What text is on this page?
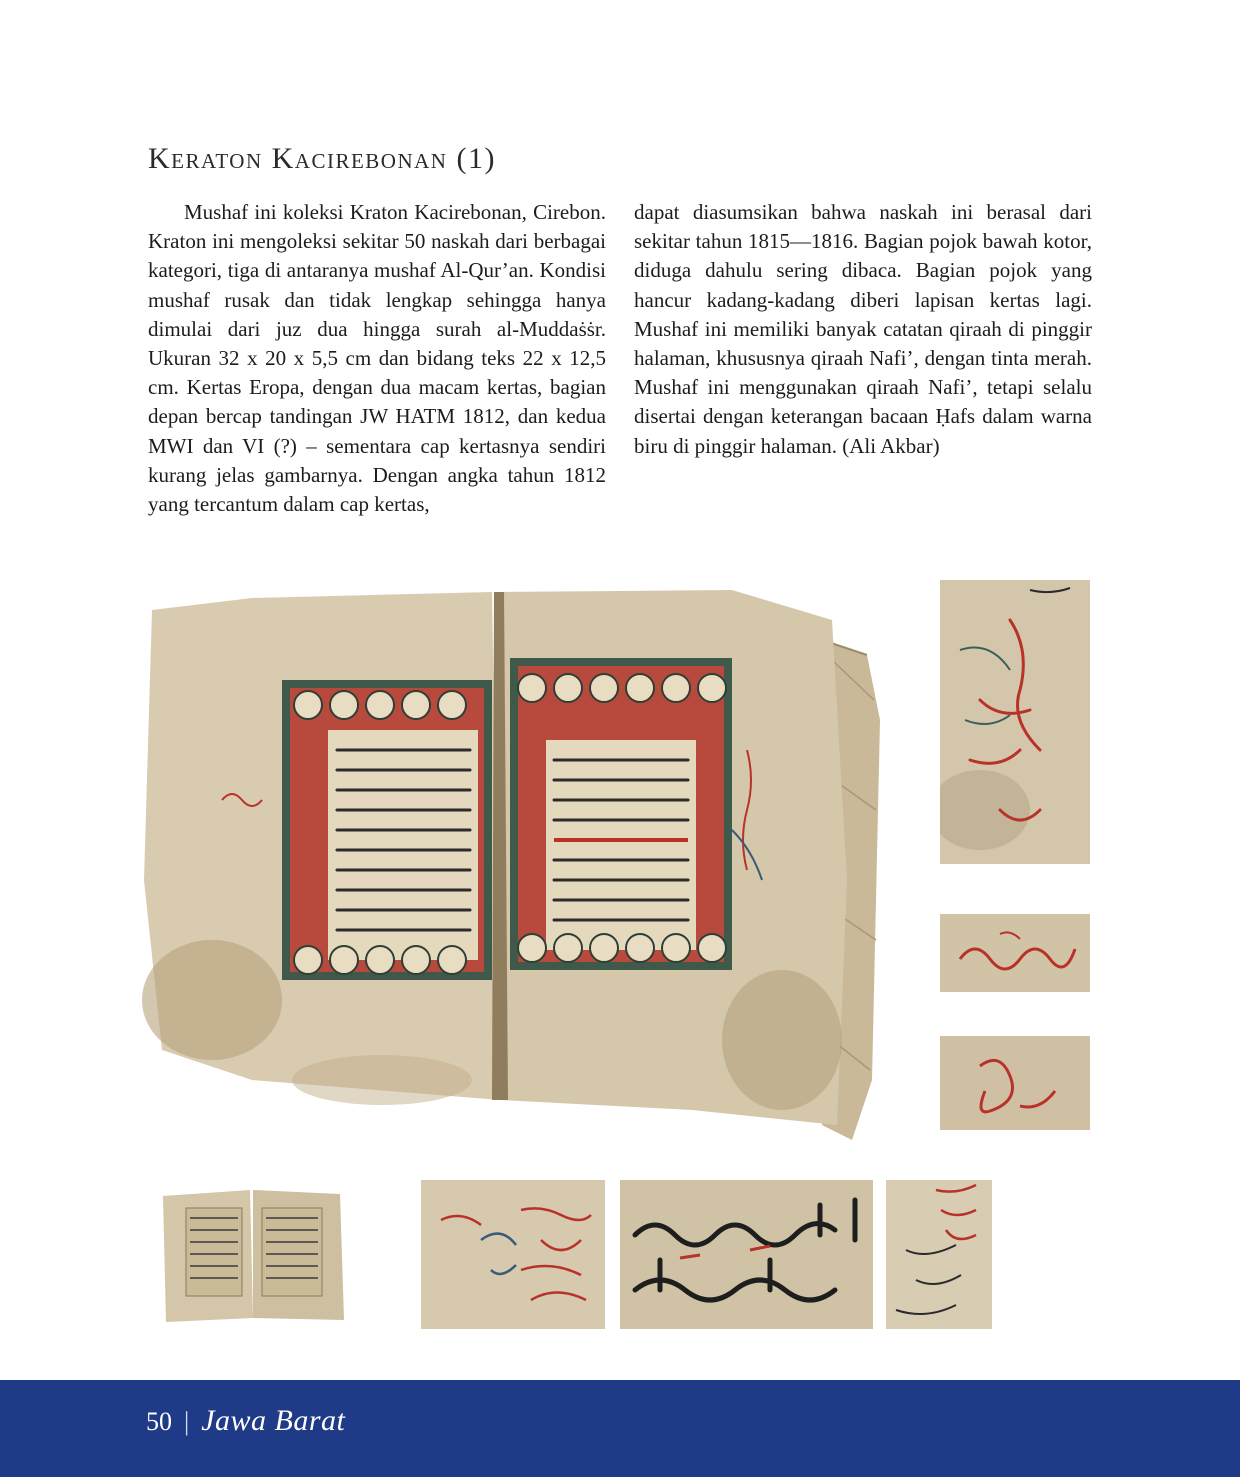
Keraton Kacirebonan (1)

Mushaf ini koleksi Kraton Kacirebonan, Cirebon. Kraton ini mengoleksi sekitar 50 naskah dari berbagai kategori, tiga di antaranya mushaf Al-Qur’an. Kondisi mushaf rusak dan tidak lengkap sehingga hanya dimulai dari juz dua hingga surah al-Muddaṡṡr. Ukuran 32 x 20 x 5,5 cm dan bidang teks 22 x 12,5 cm. Kertas Eropa, dengan dua macam kertas, bagian depan bercap tandingan JW HATM 1812, dan kedua MWI dan VI (?) – sementara cap kertasnya sendiri kurang jelas gambarnya. Dengan angka tahun 1812 yang tercantum dalam cap kertas,

dapat diasumsikan bahwa naskah ini berasal dari sekitar tahun 1815—1816. Bagian pojok bawah kotor, diduga dahulu sering dibaca. Bagian pojok yang hancur kadang-kadang diberi lapisan kertas lagi. Mushaf ini memiliki banyak catatan qiraah di pinggir halaman, khususnya qiraah Nafi’, dengan tinta merah. Mushaf ini menggunakan qiraah Nafi’, tetapi selalu disertai dengan keterangan bacaan Ḥafs dalam warna biru di pinggir halaman. (Ali Akbar)

50 | Jawa Barat
